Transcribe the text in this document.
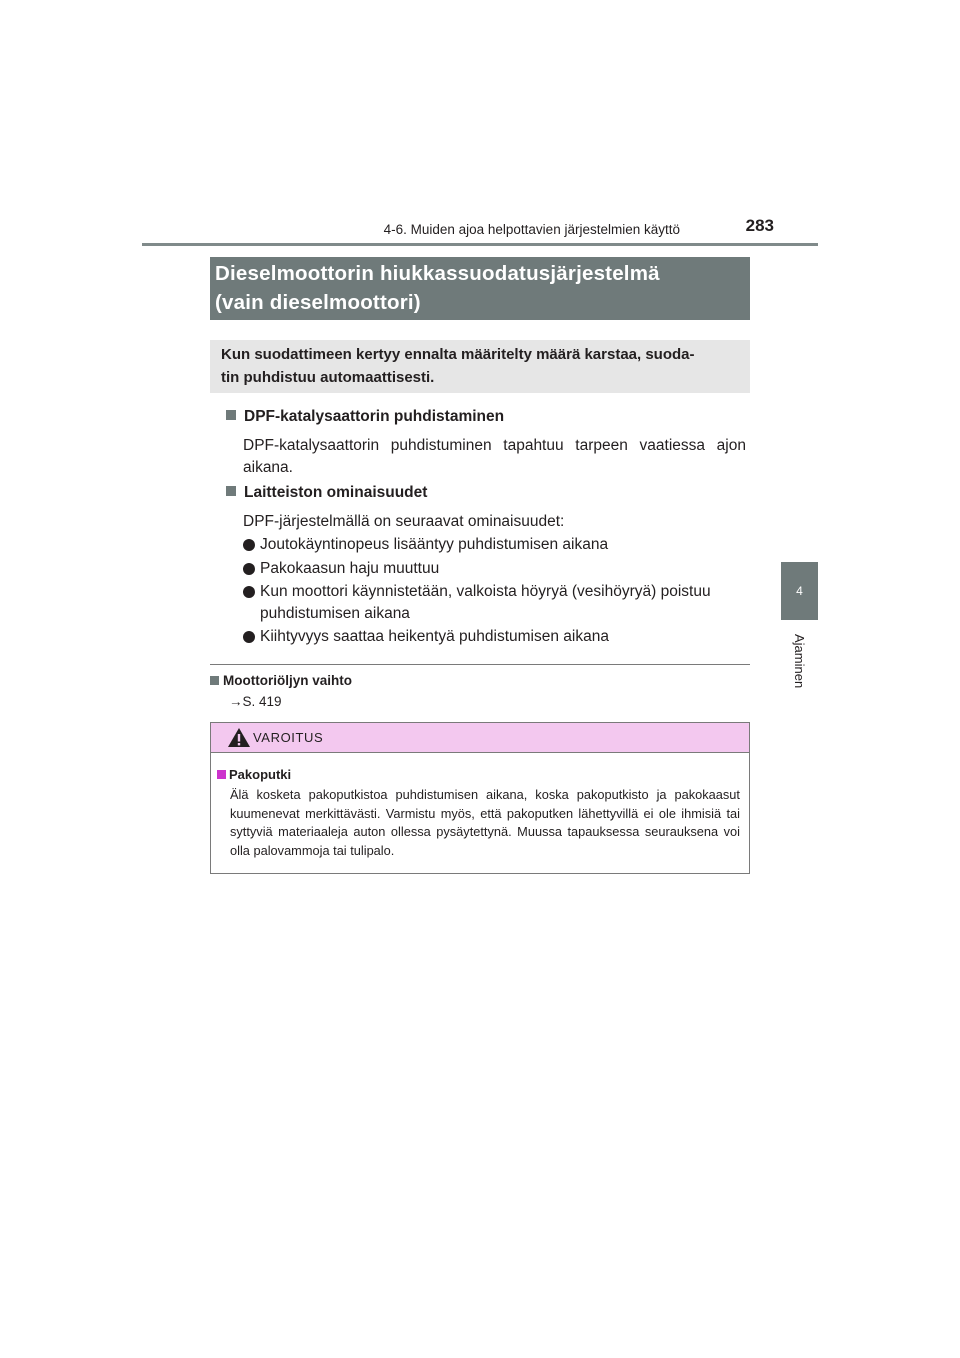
4-6. Muiden ajoa helpottavien järjestelmien käyttö	283
4
Ajaminen
Dieselmoottorin hiukkassuodatusjärjestelmä
(vain dieselmoottori)
Kun suodattimeen kertyy ennalta määritelty määrä karstaa, suoda-
tin puhdistuu automaattisesti.
DPF-katalysaattorin puhdistaminen
DPF-katalysaattorin puhdistuminen tapahtuu tarpeen vaatiessa ajon aikana.
Laitteiston ominaisuudet
DPF-järjestelmällä on seuraavat ominaisuudet:
Joutokäyntinopeus lisääntyy puhdistumisen aikana
Pakokaasun haju muuttuu
Kun moottori käynnistetään, valkoista höyryä (vesihöyryä) poistuu puhdistumisen aikana
Kiihtyvyys saattaa heikentyä puhdistumisen aikana
Moottoriöljyn vaihto
→S. 419
VAROITUS
Pakoputki
Älä kosketa pakoputkistoa puhdistumisen aikana, koska pakoputkisto ja pakokaasut kuumenevat merkittävästi. Varmistu myös, että pakoputken lähettyvillä ei ole ihmisiä tai syttyviä materiaaleja auton ollessa pysäytettynä. Muussa tapauksessa seurauksena voi olla palovammoja tai tulipalo.
